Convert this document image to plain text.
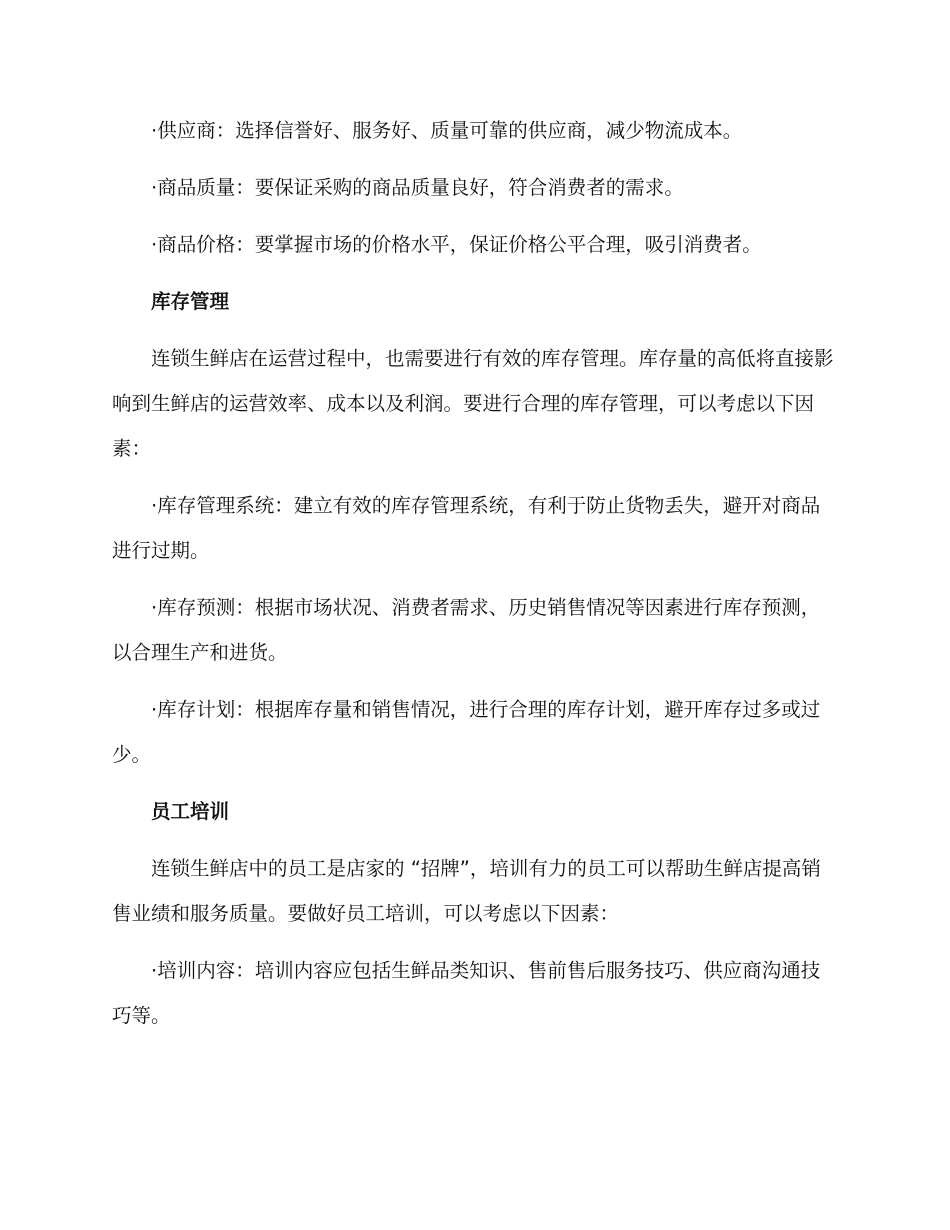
·供应商：选择信誉好、服务好、质量可靠的供应商，减少物流成本。

·商品质量：要保证采购的商品质量良好，符合消费者的需求。

·商品价格：要掌握市场的价格水平，保证价格公平合理，吸引消费者。

库存管理

连锁生鲜店在运营过程中，也需要进行有效的库存管理。库存量的高低将直接影响到生鲜店的运营效率、成本以及利润。要进行合理的库存管理，可以考虑以下因素：

·库存管理系统：建立有效的库存管理系统，有利于防止货物丢失，避开对商品进行过期。

·库存预测：根据市场状况、消费者需求、历史销售情况等因素进行库存预测，以合理生产和进货。

·库存计划：根据库存量和销售情况，进行合理的库存计划，避开库存过多或过少。

员工培训

连锁生鲜店中的员工是店家的 “招牌”，培训有力的员工可以帮助生鲜店提高销售业绩和服务质量。要做好员工培训，可以考虑以下因素：

·培训内容：培训内容应包括生鲜品类知识、售前售后服务技巧、供应商沟通技巧等。
